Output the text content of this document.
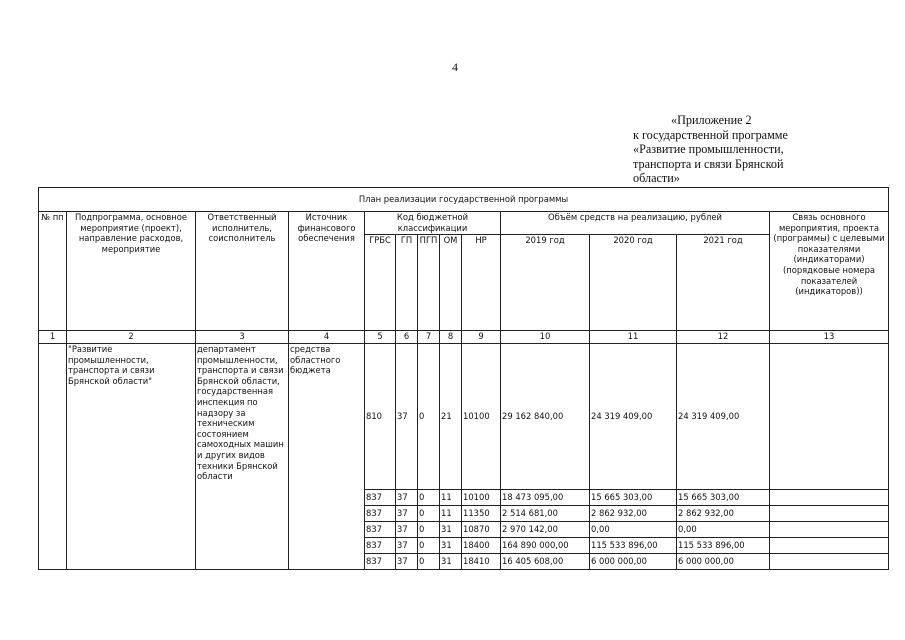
4
«Приложение 2
к государственной программе
«Развитие промышленности,
транспорта и связи Брянской
области»
План реализации государственной программы												
№ пп	Подпрограмма, основное мероприятие (проект), направление расходов, мероприятие	Ответственный исполнитель, соисполнитель	Источник финансового обеспечения	Код бюджетной классификации					Объём средств на реализацию, рублей			Связь основного мероприятия, проекта (программы) с целевыми показателями (индикаторами) (порядковые номера показателей (индикаторов))
				ГРБС	ГП	ПГП	ОМ	НР	2019 год	2020 год	2021 год	
1	2	3	4	5	6	7	8	9	10	11	12	13
	"Развитие промышленности, транспорта и связи Брянской области"	департамент промышленности, транспорта и связи Брянской области, государственная инспекция по надзору за техническим состоянием самоходных машин и других видов техники Брянской области	средства областного бюджета	810	37	0	21	10100	29 162 840,00	24 319 409,00	24 319 409,00	
				837	37	0	11	10100	18 473 095,00	15 665 303,00	15 665 303,00	
				837	37	0	11	11350	2 514 681,00	2 862 932,00	2 862 932,00	
				837	37	0	31	10870	2 970 142,00	0,00	0,00	
				837	37	0	31	18400	164 890 000,00	115 533 896,00	115 533 896,00	
				837	37	0	31	18410	16 405 608,00	6 000 000,00	6 000 000,00	
